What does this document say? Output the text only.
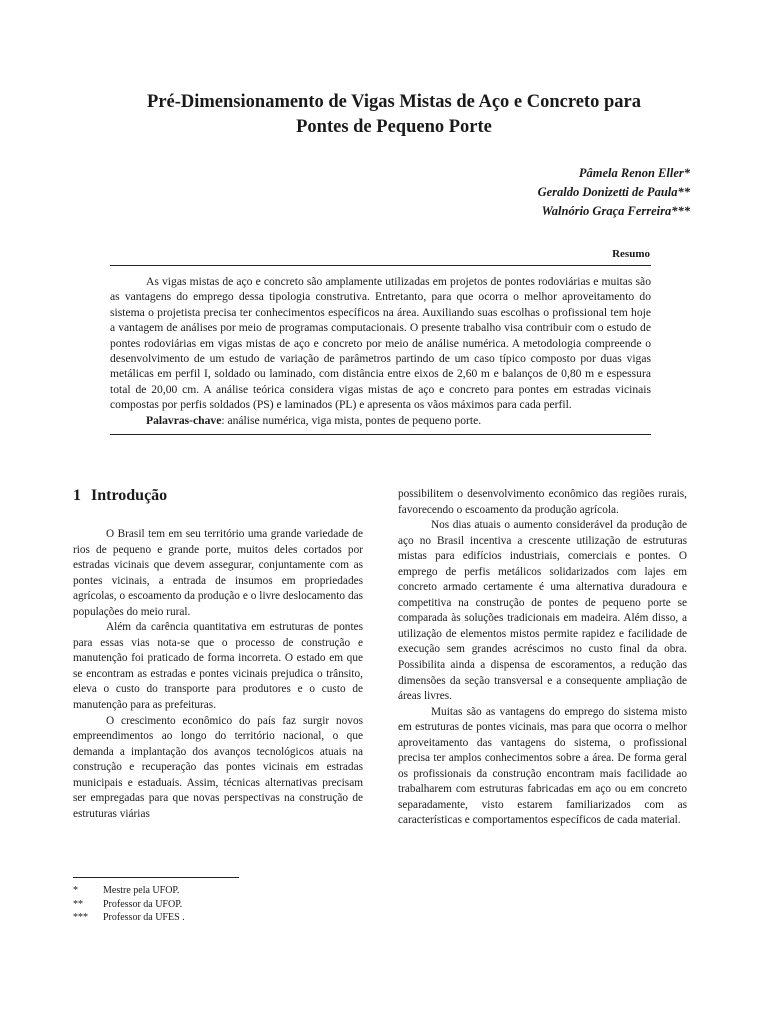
Pré-Dimensionamento de Vigas Mistas de Aço e Concreto para
Pontes de Pequeno Porte
Pâmela Renon Eller*
Geraldo Donizetti de Paula**
Walnório Graça Ferreira***
Resumo

As vigas mistas de aço e concreto são amplamente utilizadas em projetos de pontes rodoviárias e muitas são as vantagens do emprego dessa tipologia construtiva. Entretanto, para que ocorra o melhor aproveitamento do sistema o projetista precisa ter conhecimentos específicos na área. Auxiliando suas escolhas o profissional tem hoje a vantagem de análises por meio de programas computacionais. O presente trabalho visa contribuir com o estudo de pontes rodoviárias em vigas mistas de aço e concreto por meio de análise numérica. A metodologia compreende o desenvolvimento de um estudo de variação de parâmetros partindo de um caso típico composto por duas vigas metálicas em perfil I, soldado ou laminado, com distância entre eixos de 2,60 m e balanços de 0,80 m e espessura total de 20,00 cm. A análise teórica considera vigas mistas de aço e concreto para pontes em estradas vicinais compostas por perfis soldados (PS) e laminados (PL) e apresenta os vãos máximos para cada perfil.

Palavras-chave: análise numérica, viga mista, pontes de pequeno porte.

1 Introdução

O Brasil tem em seu território uma grande variedade de rios de pequeno e grande porte, muitos deles cortados por estradas vicinais que devem assegurar, conjuntamente com as pontes vicinais, a entrada de insumos em propriedades agrícolas, o escoamento da produção e o livre deslocamento das populações do meio rural.

Além da carência quantitativa em estruturas de pontes para essas vias nota-se que o processo de construção e manutenção foi praticado de forma incorreta. O estado em que se encontram as estradas e pontes vicinais prejudica o trânsito, eleva o custo do transporte para produtores e o custo de manutenção para as prefeituras.

O crescimento econômico do país faz surgir novos empreendimentos ao longo do território nacional, o que demanda a implantação dos avanços tecnológicos atuais na construção e recuperação das pontes vicinais em estradas municipais e estaduais. Assim, técnicas alternativas precisam ser empregadas para que novas perspectivas na construção de estruturas viárias

possibilitem o desenvolvimento econômico das regiões rurais, favorecendo o escoamento da produção agrícola.

Nos dias atuais o aumento considerável da produção de aço no Brasil incentiva a crescente utilização de estruturas mistas para edifícios industriais, comerciais e pontes. O emprego de perfis metálicos solidarizados com lajes em concreto armado certamente é uma alternativa duradoura e competitiva na construção de pontes de pequeno porte se comparada às soluções tradicionais em madeira. Além disso, a utilização de elementos mistos permite rapidez e facilidade de execução sem grandes acréscimos no custo final da obra. Possibilita ainda a dispensa de escoramentos, a redução das dimensões da seção transversal e a consequente ampliação de áreas livres.

Muitas são as vantagens do emprego do sistema misto em estruturas de pontes vicinais, mas para que ocorra o melhor aproveitamento das vantagens do sistema, o profissional precisa ter amplos conhecimentos sobre a área. De forma geral os profissionais da construção encontram mais facilidade ao trabalharem com estruturas fabricadas em aço ou em concreto separadamente, visto estarem familiarizados com as características e comportamentos específicos de cada material.

*	Mestre pela UFOP.
**	Professor da UFOP.
***	Professor da UFES .
